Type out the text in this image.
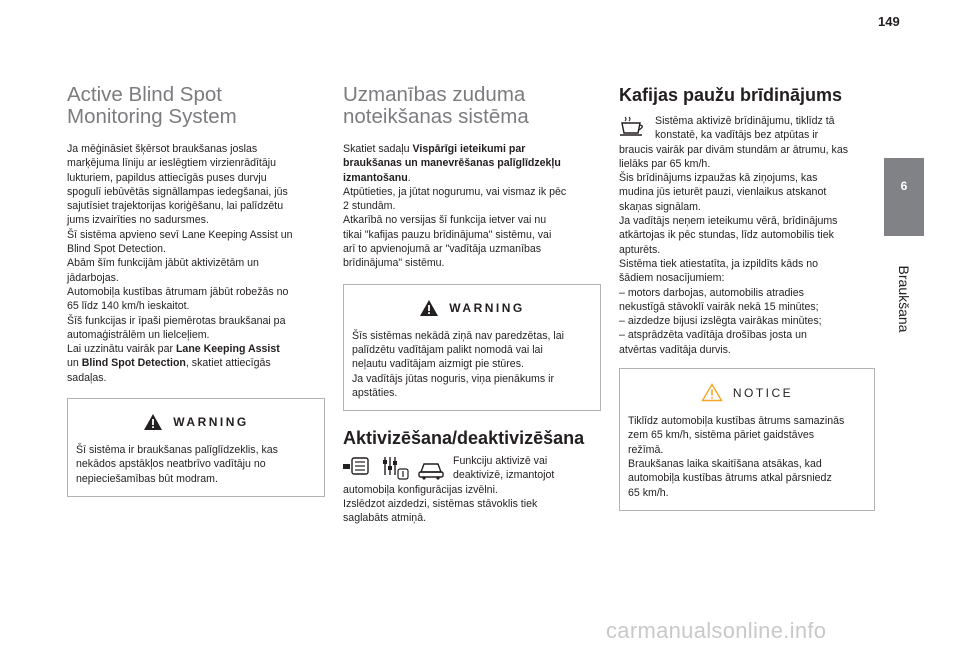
149
6
Braukšana
Active Blind Spot
Monitoring System

Ja mēģināsiet šķērsot braukšanas joslas
marķējuma līniju ar ieslēgtiem virzienrādītāju
lukturiem, papildus attiecīgās puses durvju
spogulī iebūvētās signāllampas iedegšanai, jūs
sajutīsiet trajektorijas koriģēšanu, lai palīdzētu
jums izvairīties no sadursmes.
Šī sistēma apvieno sevī Lane Keeping Assist un
Blind Spot Detection.
Abām šīm funkcijām jābūt aktivizētām un
jādarbojas.
Automobiļa kustības ātrumam jābūt robežās no
65 līdz 140 km/h ieskaitot.
Šīš funkcijas ir īpaši piemērotas braukšanai pa
automaģistrālēm un lielceļiem.
Lai uzzinātu vairāk par Lane Keeping Assist
un Blind Spot Detection, skatiet attiecīgās
sadaļas.

WARNING

Šī sistēma ir braukšanas palīglīdzeklis, kas
nekādos apstākļos neatbrīvo vadītāju no
nepieciešamības būt modram.

Uzmanības zuduma
noteikšanas sistēma

Skatiet sadaļu Vispārīgi ieteikumi par
braukšanas un manevrēšanas palīglīdzekļu
izmantošanu.
Atpūtieties, ja jūtat nogurumu, vai vismaz ik pēc
2 stundām.
Atkarībā no versijas šī funkcija ietver vai nu
tikai "kafijas pauzu brīdinājuma" sistēmu, vai
arī to apvienojumā ar "vadītāja uzmanības
brīdinājuma" sistēmu.

WARNING

Šīs sistēmas nekādā ziņā nav paredzētas, lai
palīdzētu vadītājam palikt nomodā vai lai
neļautu vadītājam aizmigt pie stūres.
Ja vadītājs jūtas noguris, viņa pienākums ir
apstāties.

Aktivizēšana/deaktivizēšana

Funkciju aktivizē vai
deaktivizē, izmantojot

automobiļa konfigurācijas izvēlni.
Izslēdzot aizdedzi, sistēmas stāvoklis tiek
saglabāts atmiņā.

Kafijas paužu brīdinājums

Sistēma aktivizē brīdinājumu, tiklīdz tā
konstatē, ka vadītājs bez atpūtas ir

braucis vairāk par divām stundām ar ātrumu, kas
lielāks par 65 km/h.
Šis brīdinājums izpaužas kā ziņojums, kas
mudina jūs ieturēt pauzi, vienlaikus atskanot
skaņas signālam.
Ja vadītājs neņem ieteikumu vērā, brīdinājums
atkārtojas ik pēc stundas, līdz automobilis tiek
apturēts.
Sistēma tiek atiestatīta, ja izpildīts kāds no
šādiem nosacījumiem:
– motors darbojas, automobilis atradies
nekustīgā stāvoklī vairāk nekā 15 minūtes;
– aizdedze bijusi izslēgta vairākas minūtes;
– atsprādzēta vadītāja drošības josta un
atvērtas vadītāja durvis.

NOTICE

Tiklīdz automobiļa kustības ātrums samazinās
zem 65 km/h, sistēma pāriet gaidstāves
režīmā.
Braukšanas laika skaitīšana atsākas, kad
automobiļa kustības ātrums atkal pārsniedz
65 km/h.

carmanualsonline.info
